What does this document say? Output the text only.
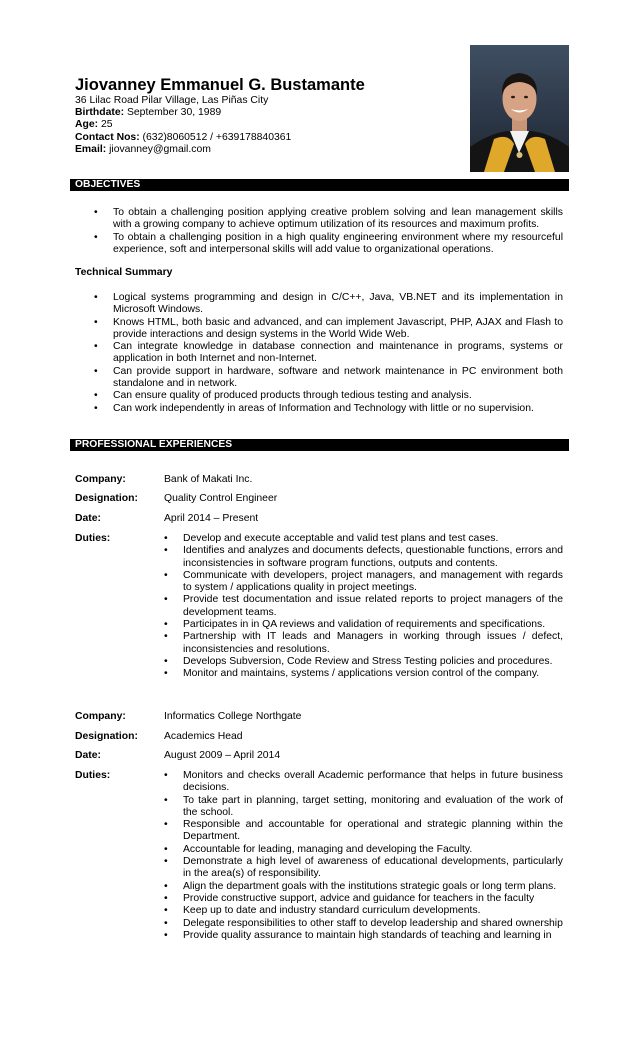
Jiovanney Emmanuel G. Bustamante
36 Lilac Road Pilar Village, Las Piñas City
Birthdate: September 30, 1989
Age: 25
Contact Nos: (632)8060512 / +639178840361
Email: jiovanney@gmail.com
OBJECTIVES
• To obtain a challenging position applying creative problem solving and lean management skills with a growing company to achieve optimum utilization of its resources and maximum profits.
• To obtain a challenging position in a high quality engineering environment where my resourceful experience, soft and interpersonal skills will add value to organizational operations.
Technical Summary
• Logical systems programming and design in C/C++, Java, VB.NET and its implementation in Microsoft Windows.
• Knows HTML, both basic and advanced, and can implement Javascript, PHP, AJAX and Flash to provide interactions and design systems in the World Wide Web.
• Can integrate knowledge in database connection and maintenance in programs, systems or application in both Internet and non-Internet.
• Can provide support in hardware, software and network maintenance in PC environment both standalone and in network.
• Can ensure quality of produced products through tedious testing and analysis.
• Can work independently in areas of Information and Technology with little or no supervision.
PROFESSIONAL EXPERIENCES
Company:	Bank of Makati Inc.
Designation:	Quality Control Engineer
Date:	April 2014 – Present
Duties:	• Develop and execute acceptable and valid test plans and test cases.
• Identifies and analyzes and documents defects, questionable functions, errors and inconsistencies in software program functions, outputs and contents.
• Communicate with developers, project managers, and management with regards to system / applications quality in project meetings.
• Provide test documentation and issue related reports to project managers of the development teams.
• Participates in in QA reviews and validation of requirements and specifications.
• Partnership with IT leads and Managers in working through issues / defect, inconsistencies and resolutions.
• Develops Subversion, Code Review and Stress Testing policies and procedures.
• Monitor and maintains, systems / applications version control of the company.
Company:	Informatics College Northgate
Designation:	Academics Head
Date:	August 2009 – April 2014
Duties:	• Monitors and checks overall Academic performance that helps in future business decisions.
• To take part in planning, target setting, monitoring and evaluation of the work of the school.
• Responsible and accountable for operational and strategic planning within the Department.
• Accountable for leading, managing and developing the Faculty.
• Demonstrate a high level of awareness of educational developments, particularly in the area(s) of responsibility.
• Align the department goals with the institutions strategic goals or long term plans.
• Provide constructive support, advice and guidance for teachers in the faculty
• Keep up to date and industry standard curriculum developments.
• Delegate responsibilities to other staff to develop leadership and shared ownership
• Provide quality assurance to maintain high standards of teaching and learning in
